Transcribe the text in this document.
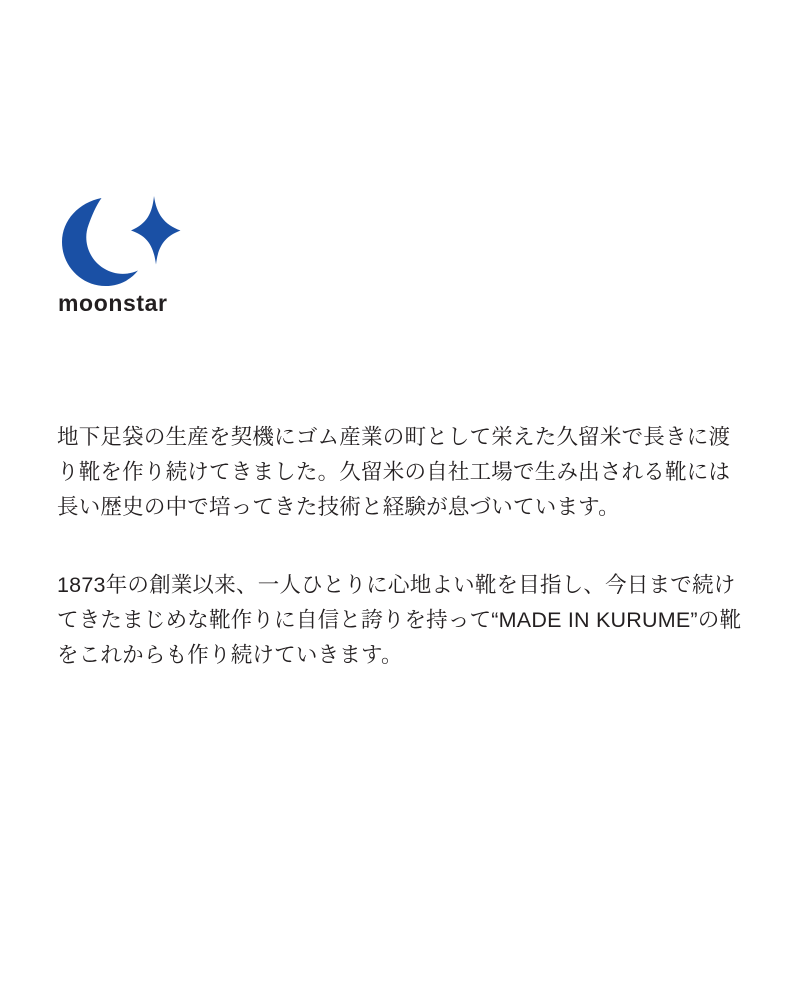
moonstar

地下足袋の生産を契機にゴム産業の町として栄えた久留米で長きに渡り靴を作り続けてきました。久留米の自社工場で生み出される靴には長い歴史の中で培ってきた技術と経験が息づいています。

1873年の創業以来、一人ひとりに心地よい靴を目指し、今日まで続けてきたまじめな靴作りに自信と誇りを持って“MADE IN KURUME”の靴をこれからも作り続けていきます。
